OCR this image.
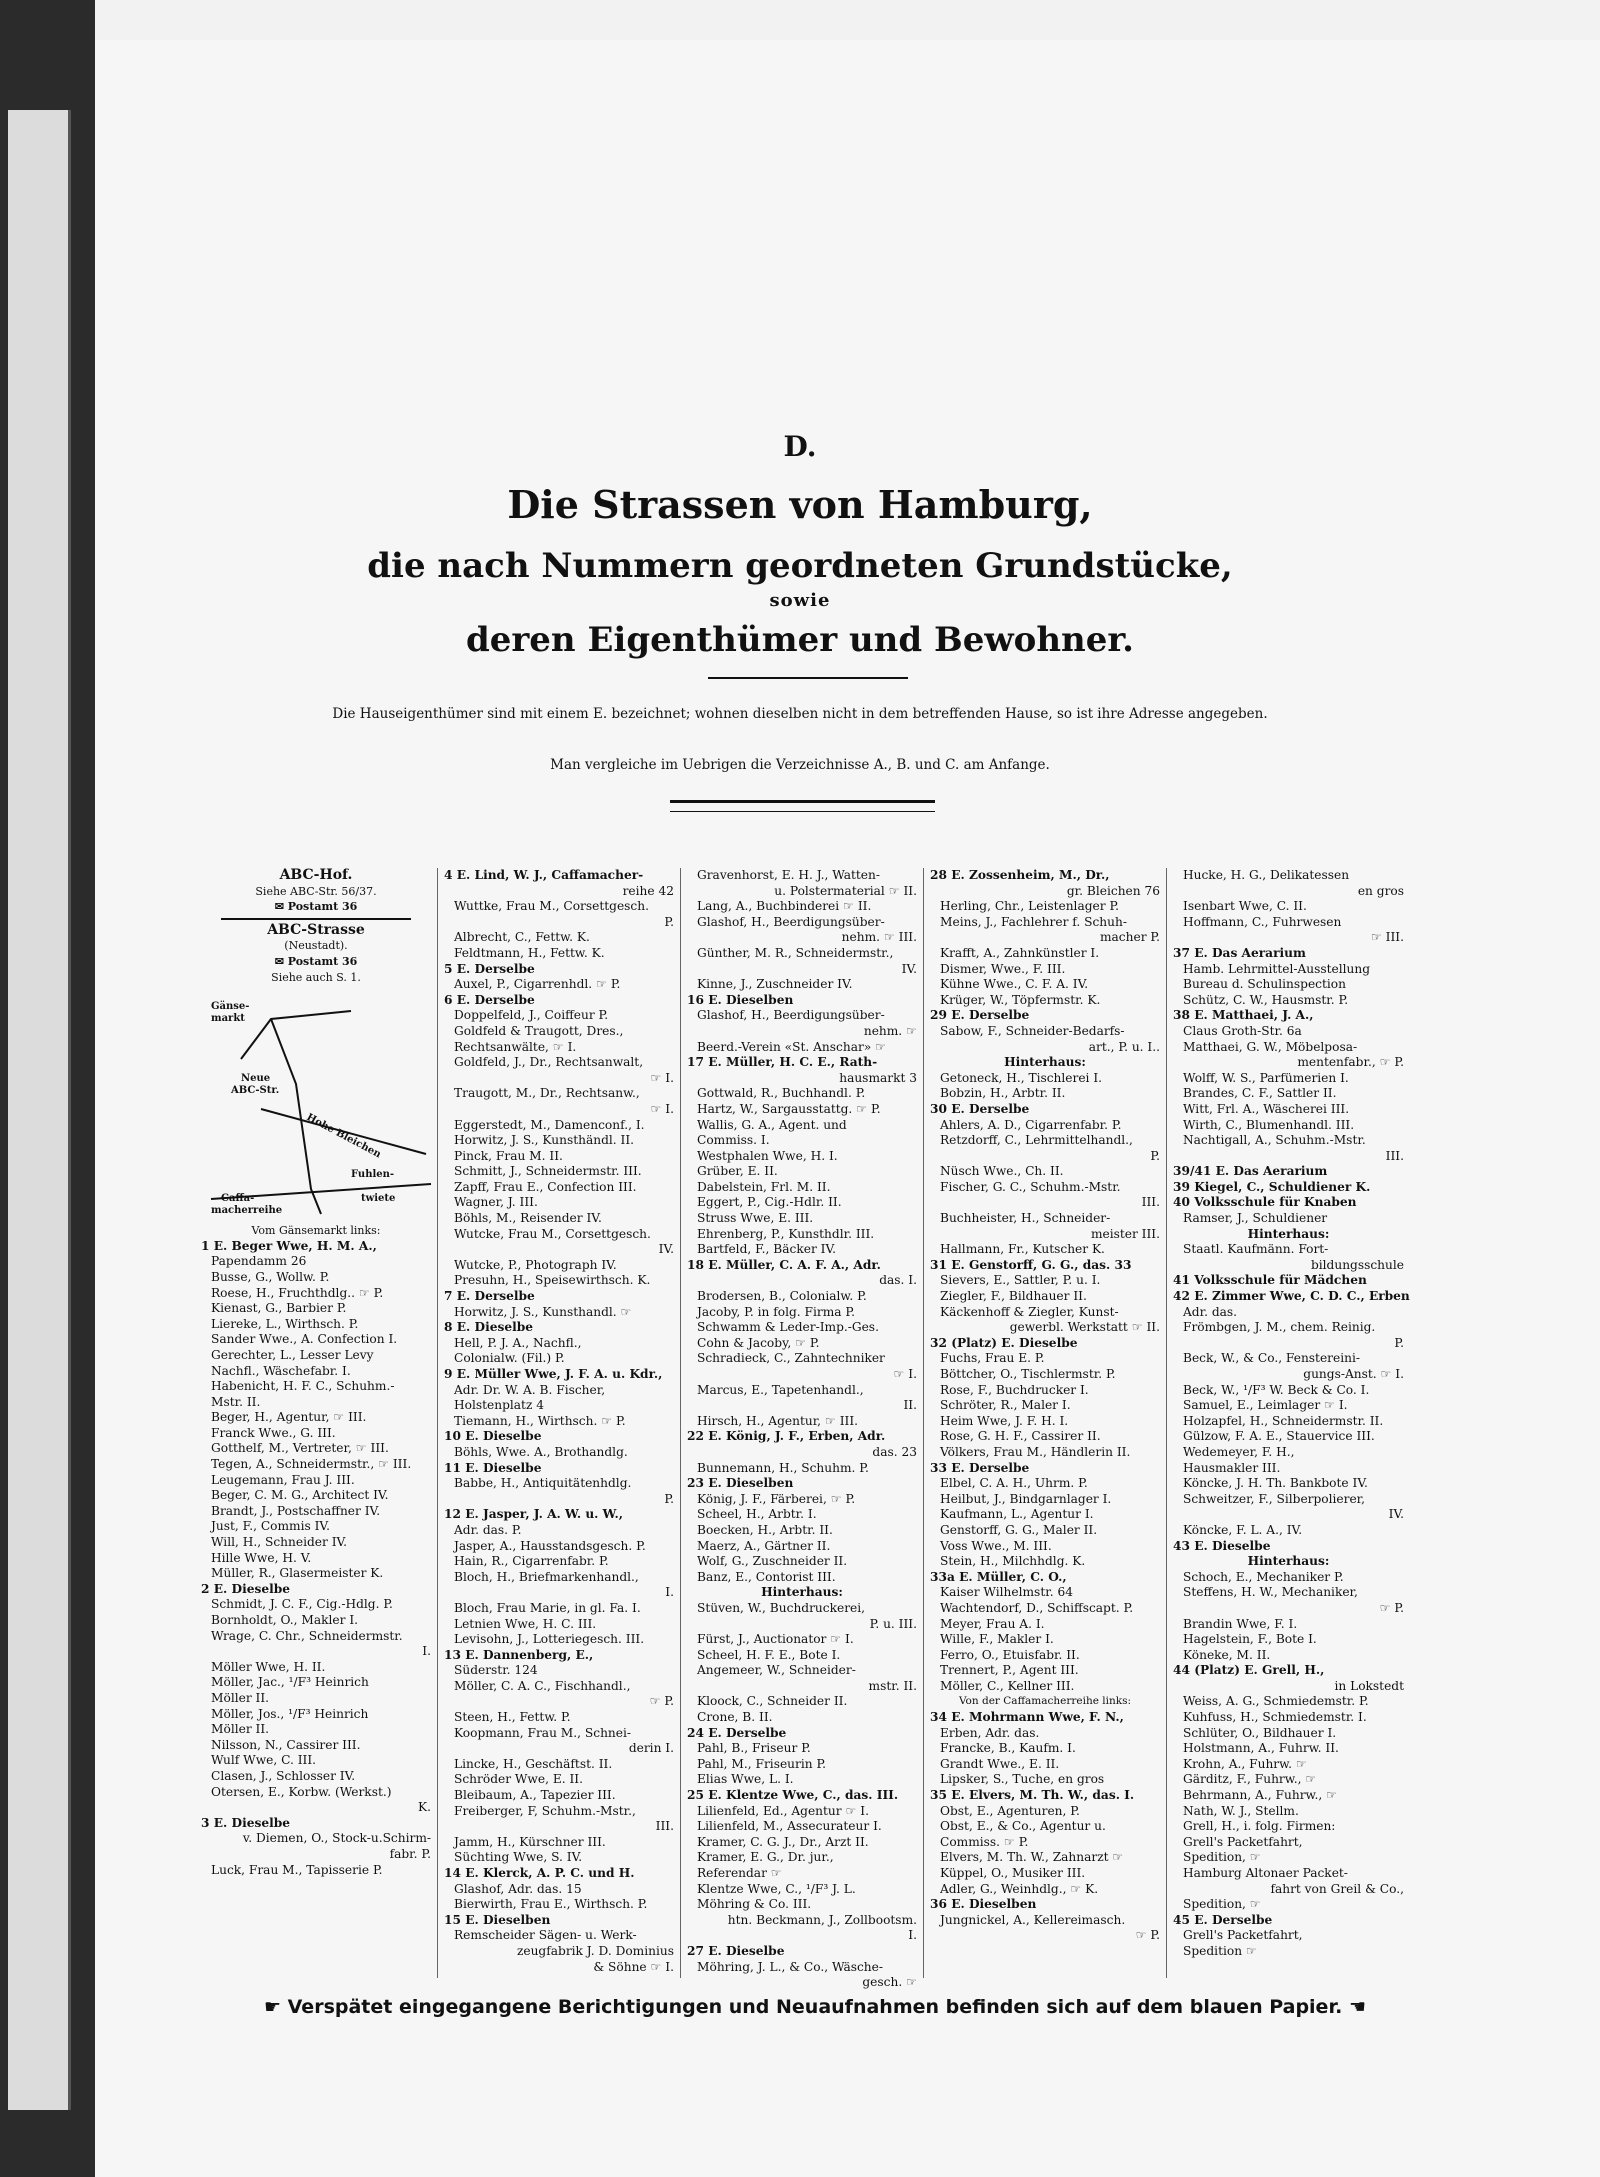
D.
Die Strassen von Hamburg,
die nach Nummern geordneten Grundstücke,
sowie
deren Eigenthümer und Bewohner.
Die Hauseigenthümer sind mit einem E. bezeichnet; wohnen dieselben nicht in dem betreffenden Hause, so ist ihre Adresse angegeben.
Man vergleiche im Uebrigen die Verzeichnisse A., B. und C. am Anfange.
ABC-Hof.
Siehe ABC-Str. 56/37.
✉ Postamt 36
ABC-Strasse
(Neustadt).
✉ Postamt 36
Siehe auch S. 1.
Gänse-
markt
Neue
ABC-Str.
Hohe Bleichen
Caffa-
macherreihe
Fuhlen-
twiete
Vom Gänsemarkt links:
1 E. Beger Wwe, H. M. A.,
Papendamm 26
Busse, G., Wollw. P.
Roese, H., Fruchthdlg.. ☞ P.
Kienast, G., Barbier P.
Liereke, L., Wirthsch. P.
Sander Wwe., A. Confection I.
Gerechter, L., Lesser Levy
Nachfl., Wäschefabr. I.
Habenicht, H. F. C., Schuhm.-
Mstr. II.
Beger, H., Agentur, ☞ III.
Franck Wwe., G. III.
Gotthelf, M., Vertreter, ☞ III.
Tegen, A., Schneidermstr., ☞ III.
Leugemann, Frau J. III.
Beger, C. M. G., Architect IV.
Brandt, J., Postschaffner IV.
Just, F., Commis IV.
Will, H., Schneider IV.
Hille Wwe, H. V.
Müller, R., Glasermeister K.
2 E. Dieselbe
Schmidt, J. C. F., Cig.-Hdlg. P.
Bornholdt, O., Makler I.
Wrage, C. Chr., Schneidermstr.
I.
Möller Wwe, H. II.
Möller, Jac., ¹/F³ Heinrich
Möller II.
Möller, Jos., ¹/F³ Heinrich
Möller II.
Nilsson, N., Cassirer III.
Wulf Wwe, C. III.
Clasen, J., Schlosser IV.
Otersen, E., Korbw. (Werkst.)
K.
3 E. Dieselbe
v. Diemen, O., Stock-u.Schirm-
fabr. P.
Luck, Frau M., Tapisserie P.
4 E. Lind, W. J., Caffamacher-
reihe 42
Wuttke, Frau M., Corsettgesch.
P.
Albrecht, C., Fettw. K.
Feldtmann, H., Fettw. K.
5 E. Derselbe
Auxel, P., Cigarrenhdl. ☞ P.
6 E. Derselbe
Doppelfeld, J., Coiffeur P.
Goldfeld & Traugott, Dres.,
Rechtsanwälte, ☞ I.
Goldfeld, J., Dr., Rechtsanwalt,
☞ I.
Traugott, M., Dr., Rechtsanw.,
☞ I.
Eggerstedt, M., Damenconf., I.
Horwitz, J. S., Kunsthändl. II.
Pinck, Frau M. II.
Schmitt, J., Schneidermstr. III.
Zapff, Frau E., Confection III.
Wagner, J. III.
Böhls, M., Reisender IV.
Wutcke, Frau M., Corsettgesch.
IV.
Wutcke, P., Photograph IV.
Presuhn, H., Speisewirthsch. K.
7 E. Derselbe
Horwitz, J. S., Kunsthandl. ☞
8 E. Dieselbe
Hell, P. J. A., Nachfl.,
Colonialw. (Fil.) P.
9 E. Müller Wwe, J. F. A. u. Kdr.,
Adr. Dr. W. A. B. Fischer,
Holstenplatz 4
Tiemann, H., Wirthsch. ☞ P.
10 E. Dieselbe
Böhls, Wwe. A., Brothandlg.
11 E. Dieselbe
Babbe, H., Antiquitätenhdlg.
P.
12 E. Jasper, J. A. W. u. W.,
Adr. das. P.
Jasper, A., Hausstandsgesch. P.
Hain, R., Cigarrenfabr. P.
Bloch, H., Briefmarkenhandl.,
I.
Bloch, Frau Marie, in gl. Fa. I.
Letnien Wwe, H. C. III.
Levisohn, J., Lotteriegesch. III.
13 E. Dannenberg, E.,
Süderstr. 124
Möller, C. A. C., Fischhandl.,
☞ P.
Steen, H., Fettw. P.
Koopmann, Frau M., Schnei-
derin I.
Lincke, H., Geschäftst. II.
Schröder Wwe, E. II.
Bleibaum, A., Tapezier III.
Freiberger, F, Schuhm.-Mstr.,
III.
Jamm, H., Kürschner III.
Süchting Wwe, S. IV.
14 E. Klerck, A. P. C. und H.
Glashof, Adr. das. 15
Bierwirth, Frau E., Wirthsch. P.
15 E. Dieselben
Remscheider Sägen- u. Werk-
zeugfabrik J. D. Dominius
& Söhne ☞ I.
Gravenhorst, E. H. J., Watten-
u. Polstermaterial ☞ II.
Lang, A., Buchbinderei ☞ II.
Glashof, H., Beerdigungsüber-
nehm. ☞ III.
Günther, M. R., Schneidermstr.,
IV.
Kinne, J., Zuschneider IV.
16 E. Dieselben
Glashof, H., Beerdigungsüber-
nehm. ☞
Beerd.-Verein «St. Anschar» ☞
17 E. Müller, H. C. E., Rath-
hausmarkt 3
Gottwald, R., Buchhandl. P.
Hartz, W., Sargausstattg. ☞ P.
Wallis, G. A., Agent. und
Commiss. I.
Westphalen Wwe, H. I.
Grüber, E. II.
Dabelstein, Frl. M. II.
Eggert, P., Cig.-Hdlr. II.
Struss Wwe, E. III.
Ehrenberg, P., Kunsthdlr. III.
Bartfeld, F., Bäcker IV.
18 E. Müller, C. A. F. A., Adr.
das. I.
Brodersen, B., Colonialw. P.
Jacoby, P. in folg. Firma P.
Schwamm & Leder-Imp.-Ges.
Cohn & Jacoby, ☞ P.
Schradieck, C., Zahntechniker
☞ I.
Marcus, E., Tapetenhandl.,
II.
Hirsch, H., Agentur, ☞ III.
22 E. König, J. F., Erben, Adr.
das. 23
Bunnemann, H., Schuhm. P.
23 E. Dieselben
König, J. F., Färberei, ☞ P.
Scheel, H., Arbtr. I.
Boecken, H., Arbtr. II.
Maerz, A., Gärtner II.
Wolf, G., Zuschneider II.
Banz, E., Contorist III.
Hinterhaus:
Stüven, W., Buchdruckerei,
P. u. III.
Fürst, J., Auctionator ☞ I.
Scheel, H. F. E., Bote I.
Angemeer, W., Schneider-
mstr. II.
Kloock, C., Schneider II.
Crone, B. II.
24 E. Derselbe
Pahl, B., Friseur P.
Pahl, M., Friseurin P.
Elias Wwe, L. I.
25 E. Klentze Wwe, C., das. III.
Lilienfeld, Ed., Agentur ☞ I.
Lilienfeld, M., Assecurateur I.
Kramer, C. G. J., Dr., Arzt II.
Kramer, E. G., Dr. jur.,
Referendar ☞
Klentze Wwe, C., ¹/F³ J. L.
Möhring & Co. III.
htn. Beckmann, J., Zollbootsm.
I.
27 E. Dieselbe
Möhring, J. L., & Co., Wäsche-
gesch. ☞
28 E. Zossenheim, M., Dr.,
gr. Bleichen 76
Herling, Chr., Leistenlager P.
Meins, J., Fachlehrer f. Schuh-
macher P.
Krafft, A., Zahnkünstler I.
Dismer, Wwe., F. III.
Kühne Wwe., C. F. A. IV.
Krüger, W., Töpfermstr. K.
29 E. Derselbe
Sabow, F., Schneider-Bedarfs-
art., P. u. I..
Hinterhaus:
Getoneck, H., Tischlerei I.
Bobzin, H., Arbtr. II.
30 E. Derselbe
Ahlers, A. D., Cigarrenfabr. P.
Retzdorff, C., Lehrmittelhandl.,
P.
Nüsch Wwe., Ch. II.
Fischer, G. C., Schuhm.-Mstr.
III.
Buchheister, H., Schneider-
meister III.
Hallmann, Fr., Kutscher K.
31 E. Genstorff, G. G., das. 33
Sievers, E., Sattler, P. u. I.
Ziegler, F., Bildhauer II.
Käckenhoff & Ziegler, Kunst-
gewerbl. Werkstatt ☞ II.
32 (Platz) E. Dieselbe
Fuchs, Frau E. P.
Böttcher, O., Tischlermstr. P.
Rose, F., Buchdrucker I.
Schröter, R., Maler I.
Heim Wwe, J. F. H. I.
Rose, G. H. F., Cassirer II.
Völkers, Frau M., Händlerin II.
33 E. Derselbe
Elbel, C. A. H., Uhrm. P.
Heilbut, J., Bindgarnlager I.
Kaufmann, L., Agentur I.
Genstorff, G. G., Maler II.
Voss Wwe., M. III.
Stein, H., Milchhdlg. K.
33a E. Müller, C. O.,
Kaiser Wilhelmstr. 64
Wachtendorf, D., Schiffscapt. P.
Meyer, Frau A. I.
Wille, F., Makler I.
Ferro, O., Etuisfabr. II.
Trennert, P., Agent III.
Möller, C., Kellner III.
Von der Caffamacherreihe links:
34 E. Mohrmann Wwe, F. N.,
Erben, Adr. das.
Francke, B., Kaufm. I.
Grandt Wwe., E. II.
Lipsker, S., Tuche, en gros
35 E. Elvers, M. Th. W., das. I.
Obst, E., Agenturen, P.
Obst, E., & Co., Agentur u.
Commiss. ☞ P.
Elvers, M. Th. W., Zahnarzt ☞
Küppel, O., Musiker III.
Adler, G., Weinhdlg., ☞ K.
36 E. Dieselben
Jungnickel, A., Kellereimasch.
☞ P.
Hucke, H. G., Delikatessen
en gros
Isenbart Wwe, C. II.
Hoffmann, C., Fuhrwesen
☞ III.
37 E. Das Aerarium
Hamb. Lehrmittel-Ausstellung
Bureau d. Schulinspection
Schütz, C. W., Hausmstr. P.
38 E. Matthaei, J. A.,
Claus Groth-Str. 6a
Matthaei, G. W., Möbelposa-
mentenfabr., ☞ P.
Wolff, W. S., Parfümerien I.
Brandes, C. F., Sattler II.
Witt, Frl. A., Wäscherei III.
Wirth, C., Blumenhandl. III.
Nachtigall, A., Schuhm.-Mstr.
III.
39/41 E. Das Aerarium
39 Kiegel, C., Schuldiener K.
40 Volksschule für Knaben
Ramser, J., Schuldiener
Hinterhaus:
Staatl. Kaufmänn. Fort-
bildungsschule
41 Volksschule für Mädchen
42 E. Zimmer Wwe, C. D. C., Erben
Adr. das.
Frömbgen, J. M., chem. Reinig.
P.
Beck, W., & Co., Fenstereini-
gungs-Anst. ☞ I.
Beck, W., ¹/F³ W. Beck & Co. I.
Samuel, E., Leimlager ☞ I.
Holzapfel, H., Schneidermstr. II.
Gülzow, F. A. E., Stauervice III.
Wedemeyer, F. H.,
Hausmakler III.
Köncke, J. H. Th. Bankbote IV.
Schweitzer, F., Silberpolierer,
IV.
Köncke, F. L. A., IV.
43 E. Dieselbe
Hinterhaus:
Schoch, E., Mechaniker P.
Steffens, H. W., Mechaniker,
☞ P.
Brandin Wwe, F. I.
Hagelstein, F., Bote I.
Köneke, M. II.
44 (Platz) E. Grell, H.,
in Lokstedt
Weiss, A. G., Schmiedemstr. P.
Kuhfuss, H., Schmiedemstr. I.
Schlüter, O., Bildhauer I.
Holstmann, A., Fuhrw. II.
Krohn, A., Fuhrw. ☞
Gärditz, F., Fuhrw., ☞
Behrmann, A., Fuhrw., ☞
Nath, W. J., Stellm.
Grell, H., i. folg. Firmen:
Grell's Packetfahrt,
Spedition, ☞
Hamburg Altonaer Packet-
fahrt von Greil & Co.,
Spedition, ☞
45 E. Derselbe
Grell's Packetfahrt,
Spedition ☞
☛ Verspätet eingegangene Berichtigungen und Neuaufnahmen befinden sich auf dem blauen Papier. ☚
